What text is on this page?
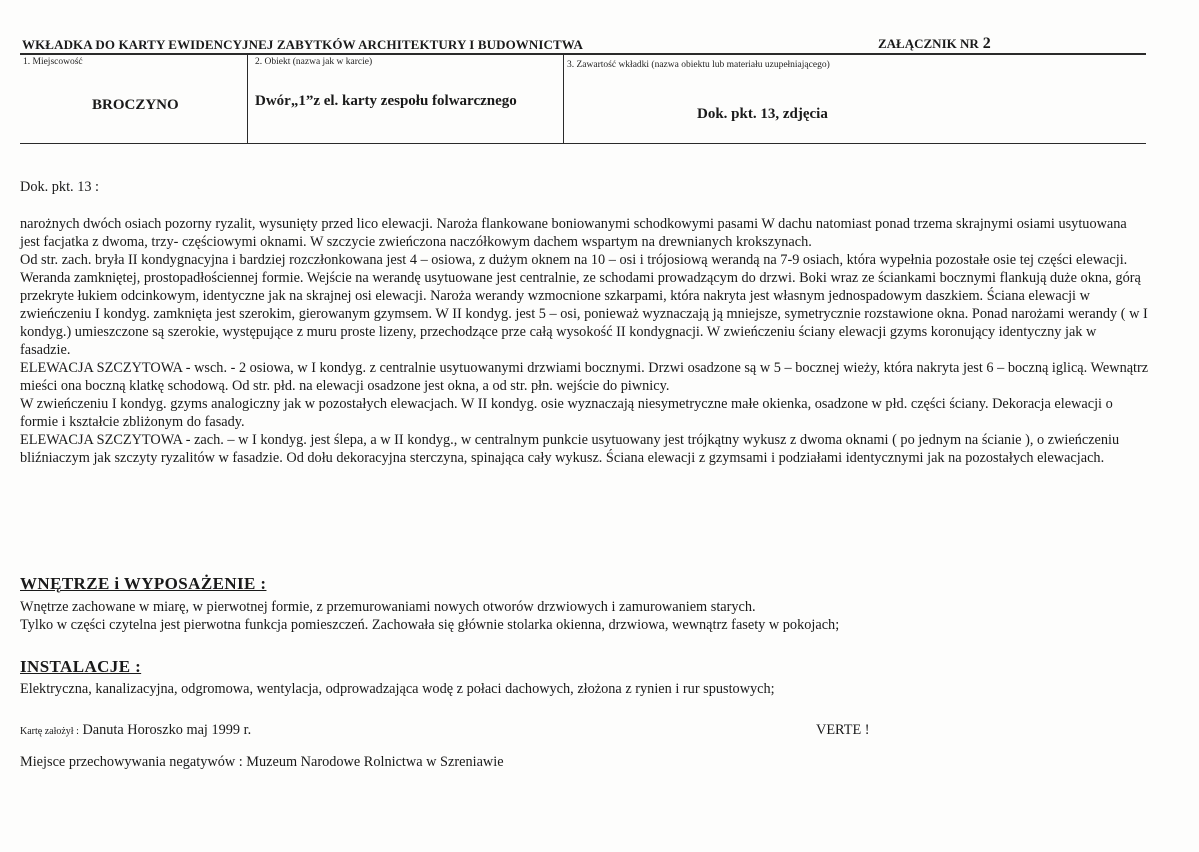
WKŁADKA DO KARTY EWIDENCYJNEJ ZABYTKÓW ARCHITEKTURY I BUDOWNICTWA	ZAŁĄCZNIK NR 2
1. Miejscowość
BROCZYNO
2. Obiekt (nazwa jak w karcie)
Dwór„1”z el. karty zespołu folwarcznego
3. Zawartość wkładki (nazwa obiektu lub materiału uzupełniającego)
Dok. pkt. 13, zdjęcia
Dok. pkt. 13 :
narożnych dwóch osiach pozorny ryzalit, wysunięty przed lico elewacji. Naroża flankowane boniowanymi schodkowymi pasami W dachu natomiast ponad trzema skrajnymi osiami usytuowana jest facjatka z dwoma, trzy- częściowymi oknami. W szczycie zwieńczona naczółkowym dachem wspartym na drewnianych krokszynach.
Od str. zach. bryła II kondygnacyjna i bardziej rozczłonkowana jest 4 – osiowa, z dużym oknem na 10 – osi i trójosiową werandą na 7-9 osiach, która wypełnia pozostałe osie tej części elewacji. Weranda zamkniętej, prostopadłościennej formie. Wejście na werandę usytuowane jest centralnie, ze schodami prowadzącym do drzwi. Boki wraz ze ściankami bocznymi flankują duże okna, górą przekryte łukiem odcinkowym, identyczne jak na skrajnej osi elewacji. Naroża werandy wzmocnione szkarpami, która nakryta jest własnym jednospadowym daszkiem. Ściana elewacji w zwieńczeniu I kondyg. zamknięta jest szerokim, gierowanym gzymsem. W II kondyg. jest 5 – osi, ponieważ wyznaczają ją mniejsze, symetrycznie rozstawione okna. Ponad narożami werandy ( w I kondyg.) umieszczone są szerokie, występujące z muru proste lizeny, przechodzące prze całą wysokość II kondygnacji. W zwieńczeniu ściany elewacji gzyms koronujący identyczny jak w fasadzie.
ELEWACJA SZCZYTOWA - wsch. - 2 osiowa, w I kondyg. z centralnie usytuowanymi drzwiami bocznymi. Drzwi osadzone są w 5 – bocznej wieży, która nakryta jest 6 – boczną iglicą. Wewnątrz mieści ona boczną klatkę schodową. Od str. płd. na elewacji osadzone jest okna, a od str. płn. wejście do piwnicy.
W zwieńczeniu I kondyg. gzyms analogiczny jak w pozostałych elewacjach. W II kondyg. osie wyznaczają niesymetryczne małe okienka, osadzone w płd. części ściany. Dekoracja elewacji o formie i kształcie zbliżonym do fasady.
ELEWACJA SZCZYTOWA - zach. – w I kondyg. jest ślepa, a w II kondyg., w centralnym punkcie usytuowany jest trójkątny wykusz z dwoma oknami ( po jednym na ścianie ), o zwieńczeniu bliźniaczym jak szczyty ryzalitów w fasadzie. Od dołu dekoracyjna sterczyna, spinająca cały wykusz. Ściana elewacji z gzymsami i podziałami identycznymi jak na pozostałych elewacjach.
WNĘTRZE i WYPOSAŻENIE :
Wnętrze zachowane w miarę, w pierwotnej formie, z przemurowaniami nowych otworów drzwiowych i zamurowaniem starych.
Tylko w części czytelna jest pierwotna funkcja pomieszczeń. Zachowała się głównie stolarka okienna, drzwiowa, wewnątrz fasety w pokojach;
INSTALACJE :
Elektryczna, kanalizacyjna, odgromowa, wentylacja, odprowadzająca wodę z połaci dachowych, złożona z rynien i rur spustowych;
Kartę założył : Danuta Horoszko maj 1999 r.	VERTE !
Miejsce przechowywania negatywów : Muzeum Narodowe Rolnictwa w Szreniawie
